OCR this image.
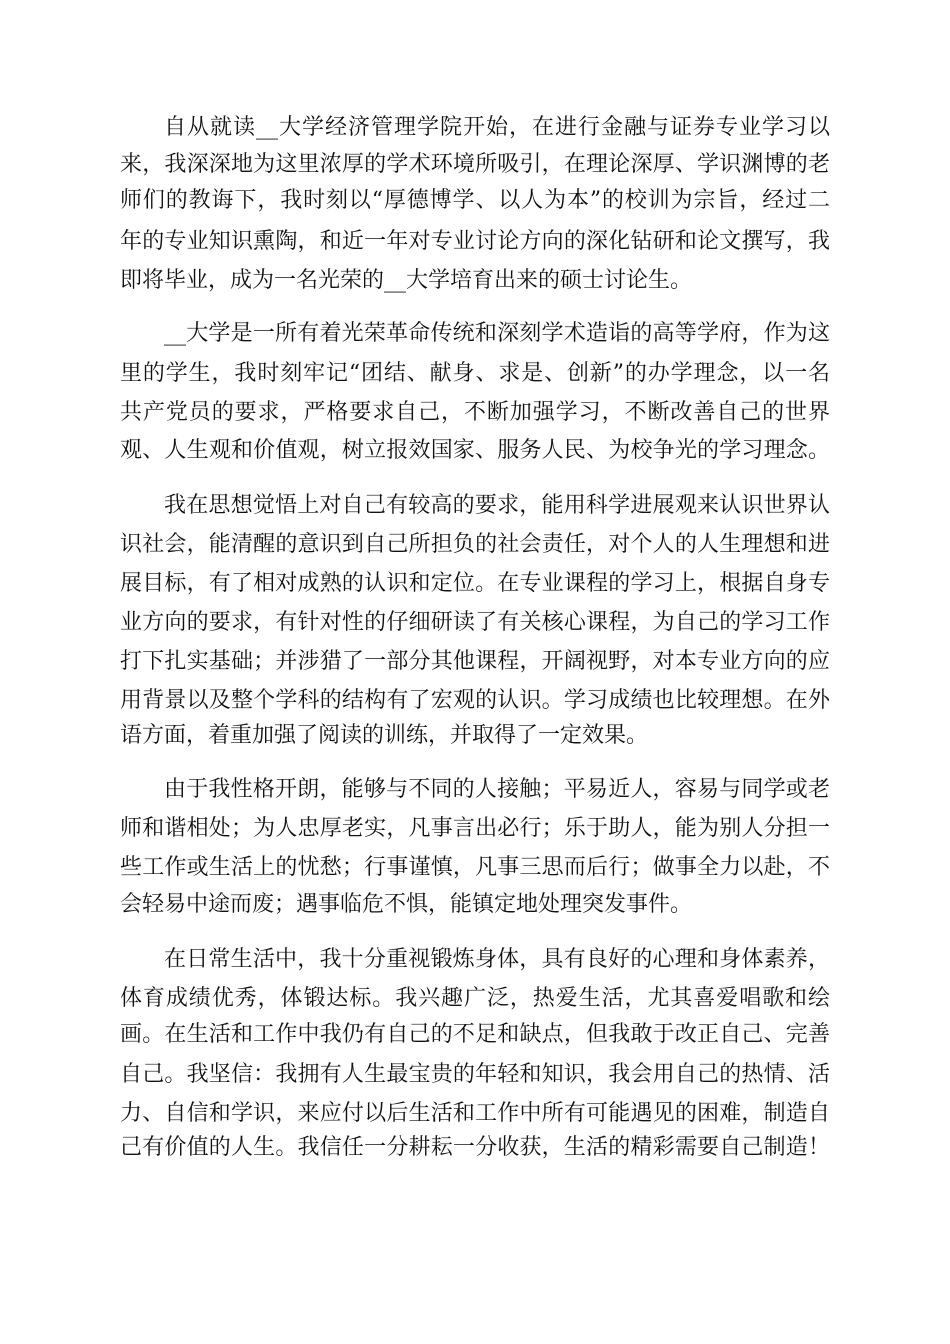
自从就读__大学经济管理学院开始，在进行金融与证券专业学习以
来，我深深地为这里浓厚的学术环境所吸引，在理论深厚、学识渊博的老
师们的教诲下，我时刻以“厚德博学、以人为本”的校训为宗旨，经过二
年的专业知识熏陶，和近一年对专业讨论方向的深化钻研和论文撰写，我
即将毕业，成为一名光荣的__大学培育出来的硕士讨论生。
__大学是一所有着光荣革命传统和深刻学术造诣的高等学府，作为这
里的学生，我时刻牢记“团结、献身、求是、创新”的办学理念，以一名
共产党员的要求，严格要求自己，不断加强学习，不断改善自己的世界
观、人生观和价值观，树立报效国家、服务人民、为校争光的学习理念。
我在思想觉悟上对自己有较高的要求，能用科学进展观来认识世界认
识社会，能清醒的意识到自己所担负的社会责任，对个人的人生理想和进
展目标，有了相对成熟的认识和定位。在专业课程的学习上，根据自身专
业方向的要求，有针对性的仔细研读了有关核心课程，为自己的学习工作
打下扎实基础；并涉猎了一部分其他课程，开阔视野，对本专业方向的应
用背景以及整个学科的结构有了宏观的认识。学习成绩也比较理想。在外
语方面，着重加强了阅读的训练，并取得了一定效果。
由于我性格开朗，能够与不同的人接触；平易近人，容易与同学或老
师和谐相处；为人忠厚老实，凡事言出必行；乐于助人，能为别人分担一
些工作或生活上的忧愁；行事谨慎，凡事三思而后行；做事全力以赴，不
会轻易中途而废；遇事临危不惧，能镇定地处理突发事件。
在日常生活中，我十分重视锻炼身体，具有良好的心理和身体素养，
体育成绩优秀，体锻达标。我兴趣广泛，热爱生活，尤其喜爱唱歌和绘
画。在生活和工作中我仍有自己的不足和缺点，但我敢于改正自己、完善
自己。我坚信：我拥有人生最宝贵的年轻和知识，我会用自己的热情、活
力、自信和学识，来应付以后生活和工作中所有可能遇见的困难，制造自
己有价值的人生。我信任一分耕耘一分收获，生活的精彩需要自己制造！
